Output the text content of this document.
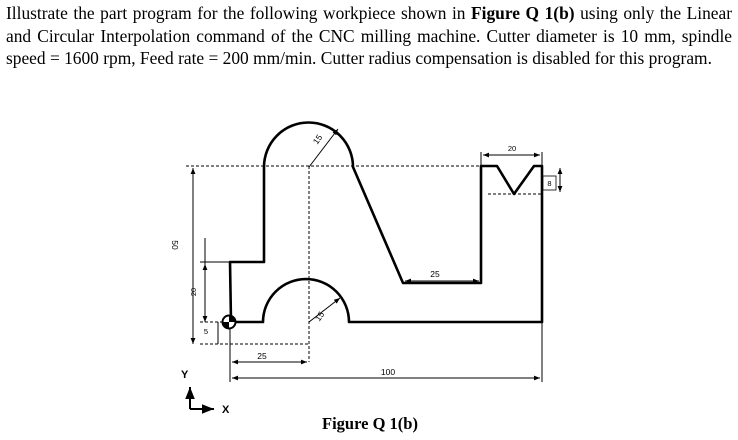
Illustrate the part program for the following workpiece shown in Figure Q 1(b) using only the Linear and Circular Interpolation command of the CNC milling machine. Cutter diameter is 10 mm, spindle speed = 1600 rpm, Feed rate = 200 mm/min. Cutter radius compensation is disabled for this program.
50
20
5
25
100
25
15
15
20
8
Y
X
Figure Q 1(b)
